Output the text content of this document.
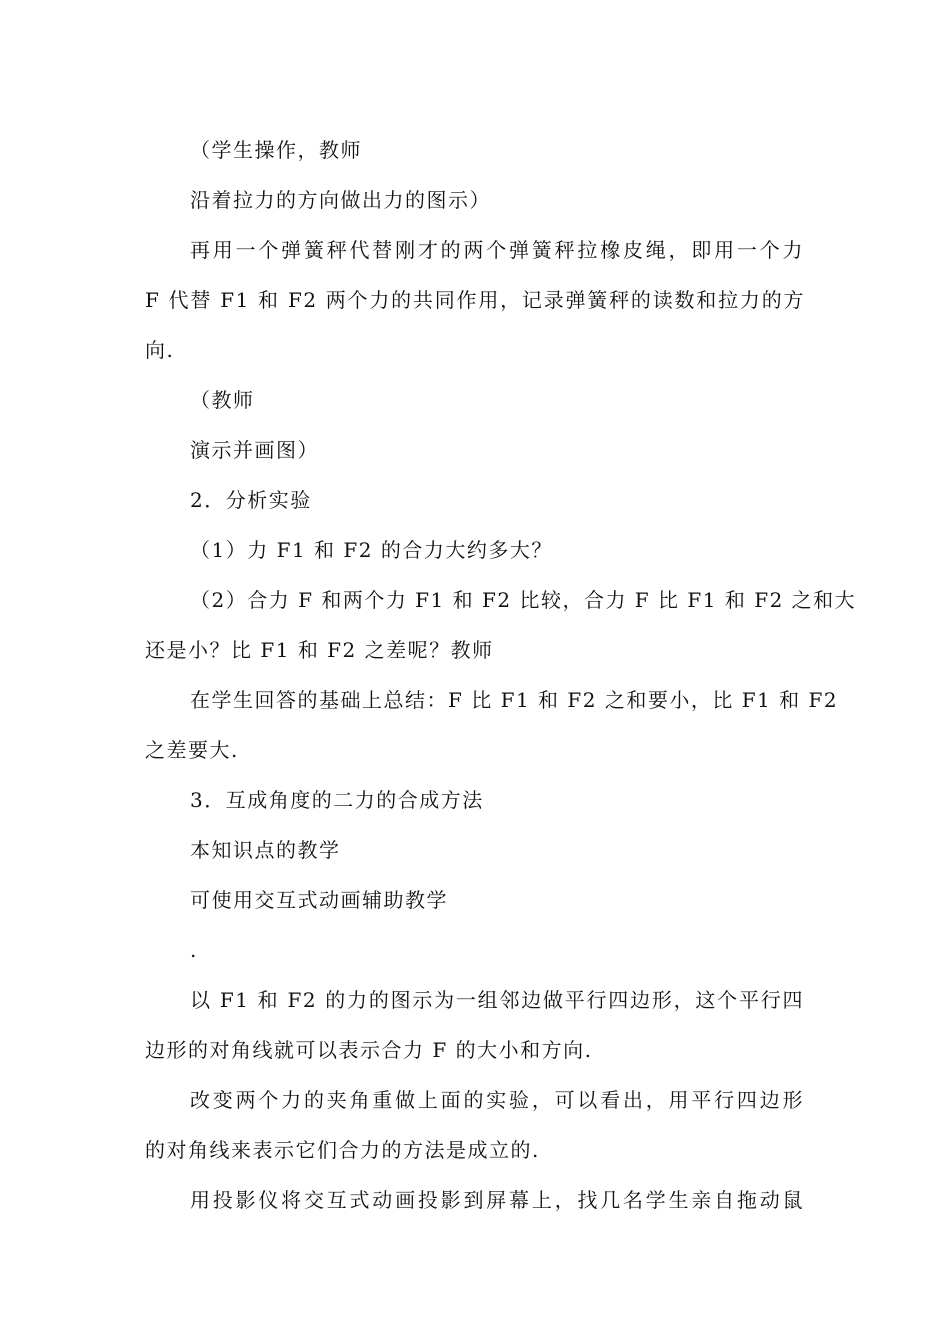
（学生操作，教师
沿着拉力的方向做出力的图示）
再用一个弹簧秤代替刚才的两个弹簧秤拉橡皮绳，即用一个力
F 代替 F1 和 F2 两个力的共同作用，记录弹簧秤的读数和拉力的方
向.
（教师
演示并画图）
2．分析实验
（1）力 F1 和 F2 的合力大约多大？
（2）合力 F 和两个力 F1 和 F2 比较，合力 F 比 F1 和 F2 之和大
还是小？比 F1 和 F2 之差呢？教师
在学生回答的基础上总结：F 比 F1 和 F2 之和要小，比 F1 和 F2
之差要大.
3．互成角度的二力的合成方法
本知识点的教学
可使用交互式动画辅助教学
.
以 F1 和 F2 的力的图示为一组邻边做平行四边形，这个平行四
边形的对角线就可以表示合力 F 的大小和方向.
改变两个力的夹角重做上面的实验，可以看出，用平行四边形
的对角线来表示它们合力的方法是成立的.
用投影仪将交互式动画投影到屏幕上，找几名学生亲自拖动鼠
